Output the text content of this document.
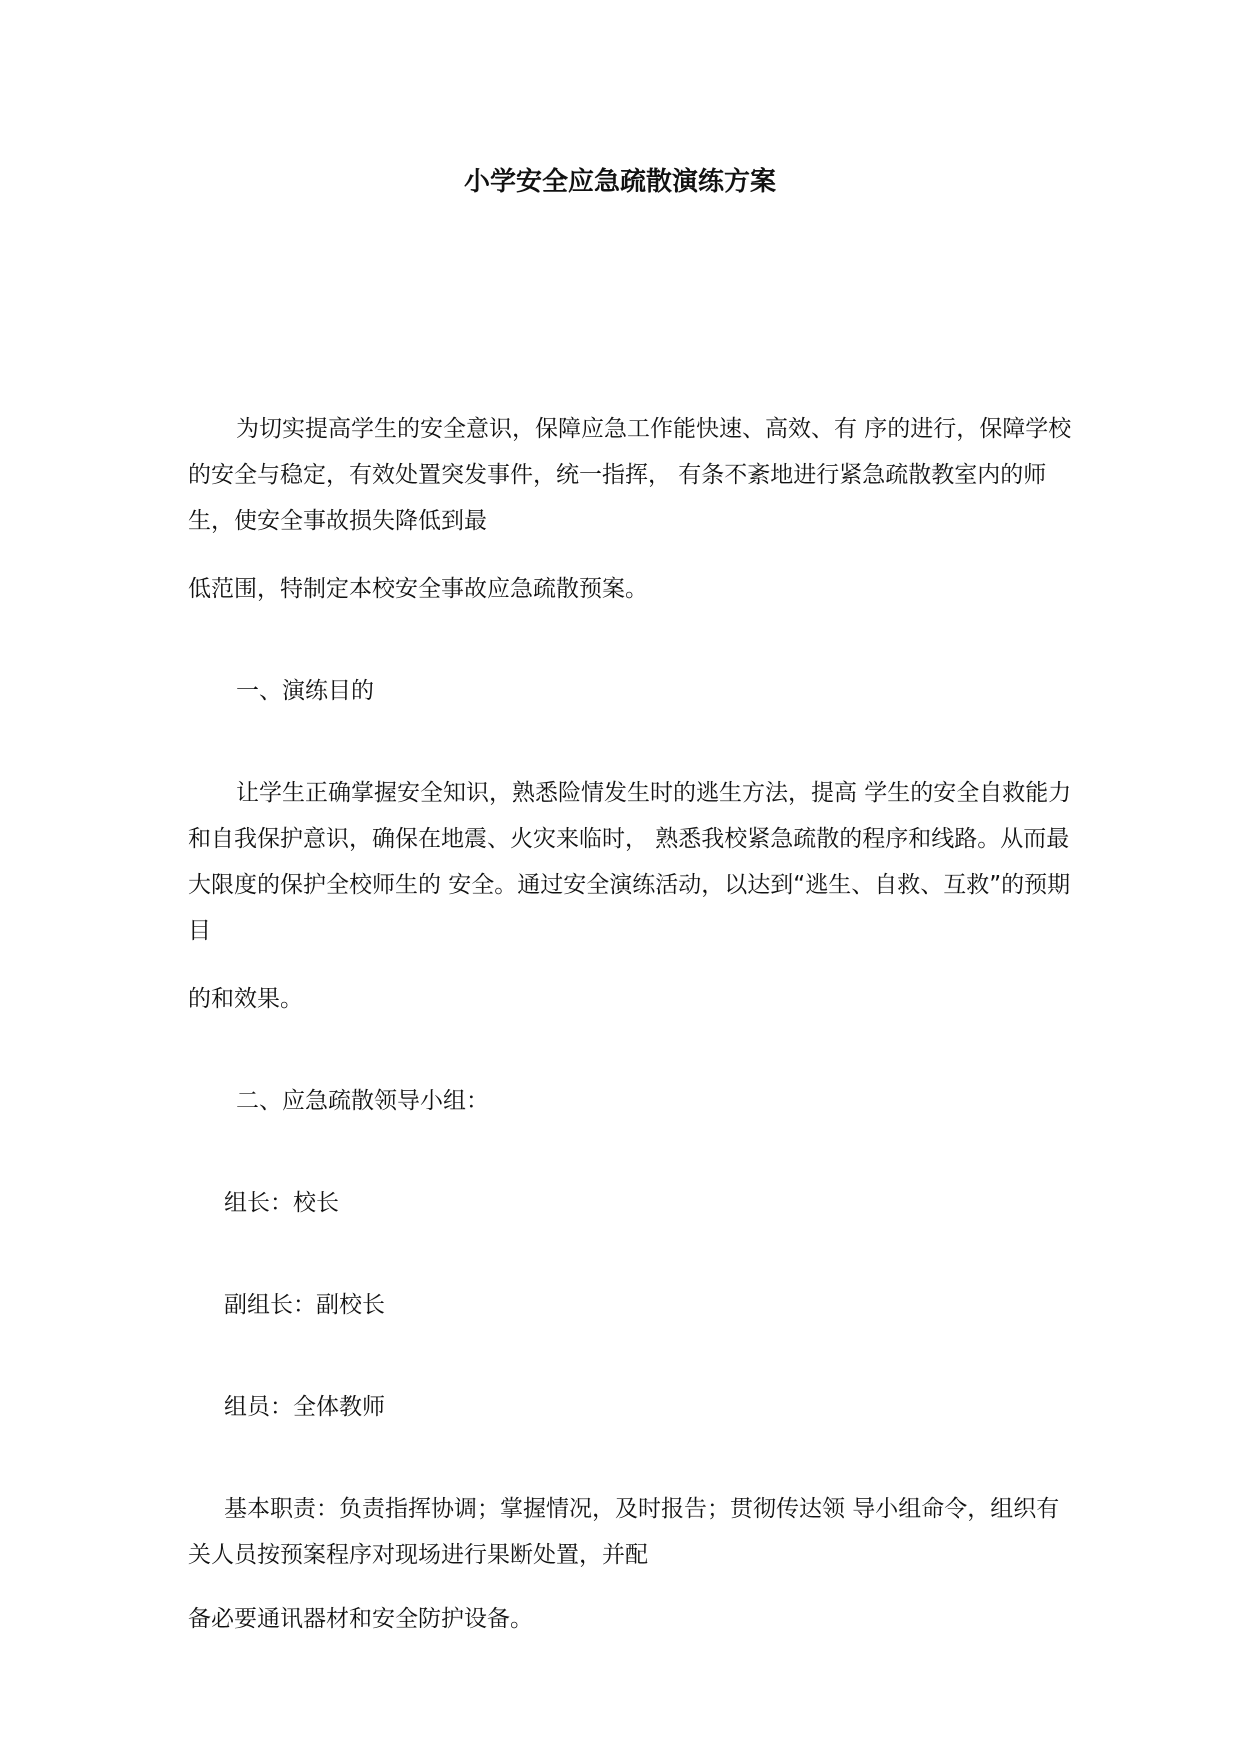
小学安全应急疏散演练方案

为切实提高学生的安全意识，保障应急工作能快速、高效、有 序的进行，保障学校的安全与稳定，有效处置突发事件，统一指挥， 有条不紊地进行紧急疏散教室内的师生，使安全事故损失降低到最

低范围，特制定本校安全事故应急疏散预案。

一、演练目的

让学生正确掌握安全知识，熟悉险情发生时的逃生方法，提高 学生的安全自救能力和自我保护意识，确保在地震、火灾来临时， 熟悉我校紧急疏散的程序和线路。从而最大限度的保护全校师生的 安全。通过安全演练活动，以达到“逃生、自救、互救”的预期目

的和效果。

二、应急疏散领导小组：

组长：校长

副组长：副校长

组员：全体教师

基本职责：负责指挥协调；掌握情况，及时报告；贯彻传达领 导小组命令，组织有关人员按预案程序对现场进行果断处置，并配

备必要通讯器材和安全防护设备。
